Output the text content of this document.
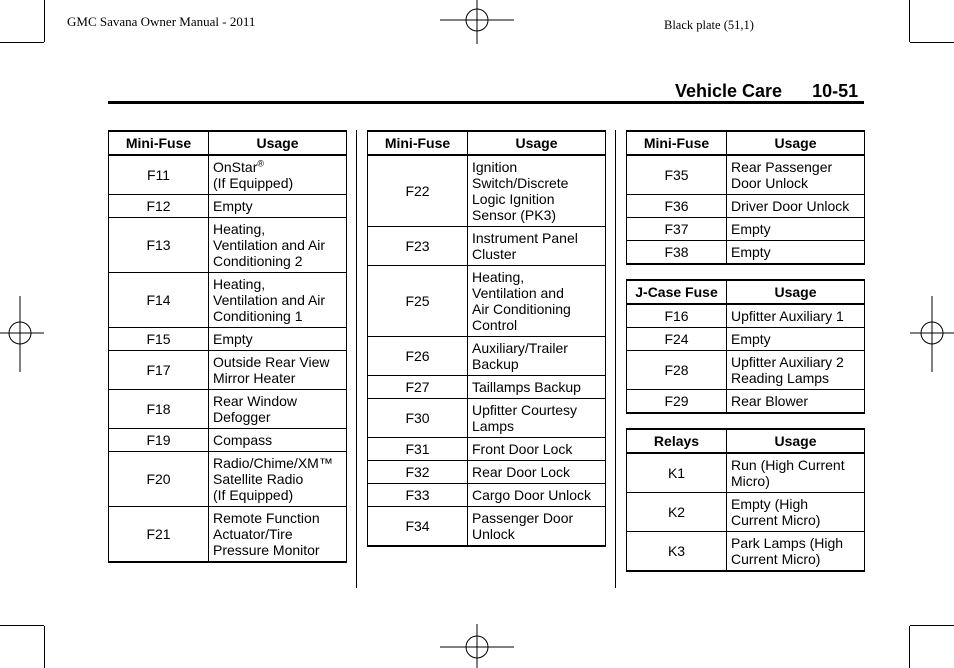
GMC Savana Owner Manual - 2011	Black plate (51,1)
Vehicle Care 10-51
Mini-Fuse	Usage
F11	OnStar®
(If Equipped)
F12	Empty
F13	Heating,
Ventilation and Air
Conditioning 2
F14	Heating,
Ventilation and Air
Conditioning 1
F15	Empty
F17	Outside Rear View
Mirror Heater
F18	Rear Window
Defogger
F19	Compass
F20	Radio/Chime/XM™
Satellite Radio
(If Equipped)
F21	Remote Function
Actuator/Tire
Pressure Monitor
Mini-Fuse	Usage
F22	Ignition
Switch/Discrete
Logic Ignition
Sensor (PK3)
F23	Instrument Panel
Cluster
F25	Heating,
Ventilation and
Air Conditioning
Control
F26	Auxiliary/Trailer
Backup
F27	Taillamps Backup
F30	Upfitter Courtesy
Lamps
F31	Front Door Lock
F32	Rear Door Lock
F33	Cargo Door Unlock
F34	Passenger Door
Unlock
Mini-Fuse	Usage
F35	Rear Passenger
Door Unlock
F36	Driver Door Unlock
F37	Empty
F38	Empty
J-Case Fuse	Usage
F16	Upfitter Auxiliary 1
F24	Empty
F28	Upfitter Auxiliary 2
Reading Lamps
F29	Rear Blower
Relays	Usage
K1	Run (High Current
Micro)
K2	Empty (High
Current Micro)
K3	Park Lamps (High
Current Micro)
